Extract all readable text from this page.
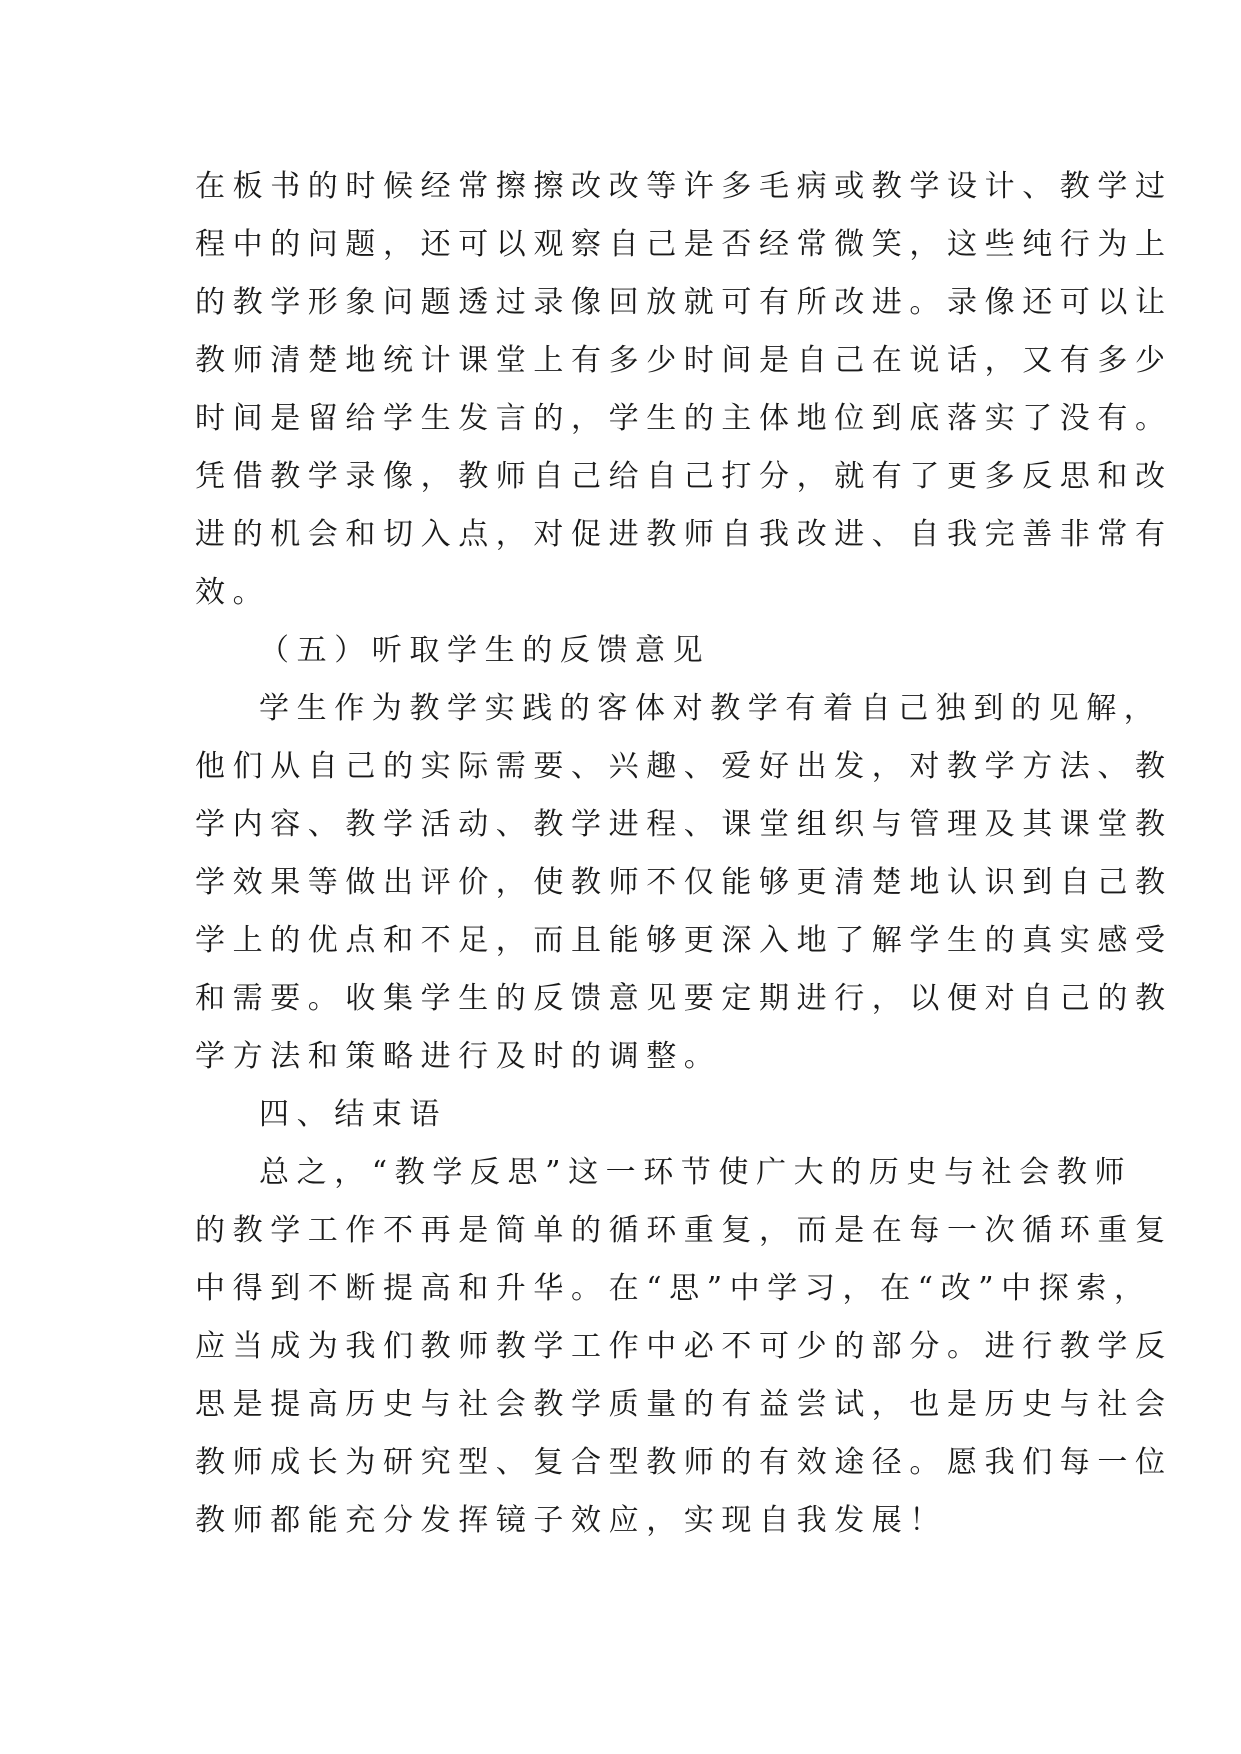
在板书的时候经常擦擦改改等许多毛病或教学设计、教学过
程中的问题，还可以观察自己是否经常微笑，这些纯行为上
的教学形象问题透过录像回放就可有所改进。录像还可以让
教师清楚地统计课堂上有多少时间是自己在说话，又有多少
时间是留给学生发言的，学生的主体地位到底落实了没有。
凭借教学录像，教师自己给自己打分，就有了更多反思和改
进的机会和切入点，对促进教师自我改进、自我完善非常有
效。
（五）听取学生的反馈意见
学生作为教学实践的客体对教学有着自己独到的见解，
他们从自己的实际需要、兴趣、爱好出发，对教学方法、教
学内容、教学活动、教学进程、课堂组织与管理及其课堂教
学效果等做出评价，使教师不仅能够更清楚地认识到自己教
学上的优点和不足，而且能够更深入地了解学生的真实感受
和需要。收集学生的反馈意见要定期进行，以便对自己的教
学方法和策略进行及时的调整。
四、结束语
总之，“教学反思”这一环节使广大的历史与社会教师
的教学工作不再是简单的循环重复，而是在每一次循环重复
中得到不断提高和升华。在“思”中学习，在“改”中探索，
应当成为我们教师教学工作中必不可少的部分。进行教学反
思是提高历史与社会教学质量的有益尝试，也是历史与社会
教师成长为研究型、复合型教师的有效途径。愿我们每一位
教师都能充分发挥镜子效应，实现自我发展！
